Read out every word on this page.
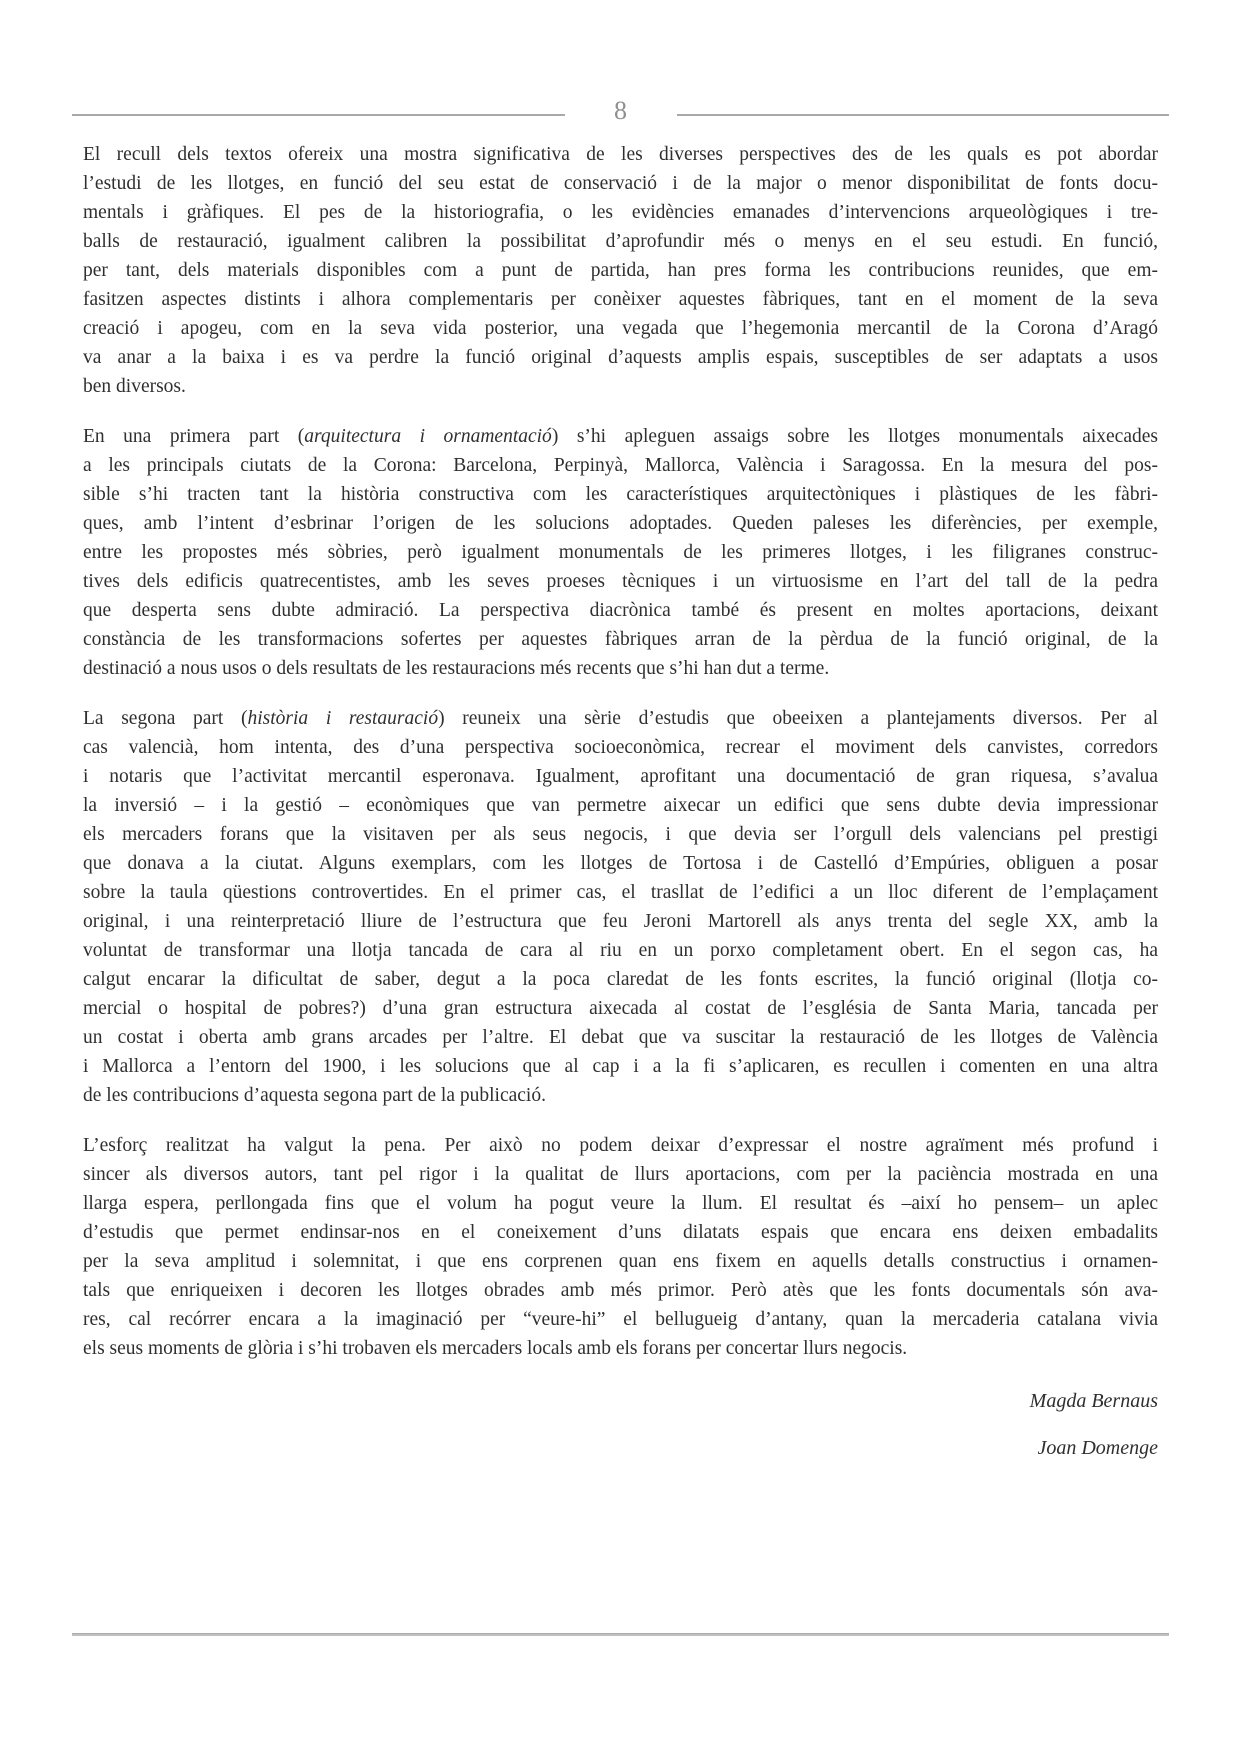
8
El recull dels textos ofereix una mostra significativa de les diverses perspectives des de les quals es pot abordar
l’estudi de les llotges, en funció del seu estat de conservació i de la major o menor disponibilitat de fonts docu-
mentals i gràfiques. El pes de la historiografia, o les evidències emanades d’intervencions arqueològiques i tre-
balls de restauració, igualment calibren la possibilitat d’aprofundir més o menys en el seu estudi. En funció,
per tant, dels materials disponibles com a punt de partida, han pres forma les contribucions reunides, que em-
fasitzen aspectes distints i alhora complementaris per conèixer aquestes fàbriques, tant en el moment de la seva
creació i apogeu, com en la seva vida posterior, una vegada que l’hegemonia mercantil de la Corona d’Aragó
va anar a la baixa i es va perdre la funció original d’aquests amplis espais, susceptibles de ser adaptats a usos
ben diversos.
En una primera part (arquitectura i ornamentació) s’hi apleguen assaigs sobre les llotges monumentals aixecades
a les principals ciutats de la Corona: Barcelona, Perpinyà, Mallorca, València i Saragossa. En la mesura del pos-
sible s’hi tracten tant la història constructiva com les característiques arquitectòniques i plàstiques de les fàbri-
ques, amb l’intent d’esbrinar l’origen de les solucions adoptades. Queden paleses les diferències, per exemple,
entre les propostes més sòbries, però igualment monumentals de les primeres llotges, i les filigranes construc-
tives dels edificis quatrecentistes, amb les seves proeses tècniques i un virtuosisme en l’art del tall de la pedra
que desperta sens dubte admiració. La perspectiva diacrònica també és present en moltes aportacions, deixant
constància de les transformacions sofertes per aquestes fàbriques arran de la pèrdua de la funció original, de la
destinació a nous usos o dels resultats de les restauracions més recents que s’hi han dut a terme.
La segona part (història i restauració) reuneix una sèrie d’estudis que obeeixen a plantejaments diversos. Per al
cas valencià, hom intenta, des d’una perspectiva socioeconòmica, recrear el moviment dels canvistes, corredors
i notaris que l’activitat mercantil esperonava. Igualment, aprofitant una documentació de gran riquesa, s’avalua
la inversió – i la gestió – econòmiques que van permetre aixecar un edifici que sens dubte devia impressionar
els mercaders forans que la visitaven per als seus negocis, i que devia ser l’orgull dels valencians pel prestigi
que donava a la ciutat. Alguns exemplars, com les llotges de Tortosa i de Castelló d’Empúries, obliguen a posar
sobre la taula qüestions controvertides. En el primer cas, el trasllat de l’edifici a un lloc diferent de l’emplaçament
original, i una reinterpretació lliure de l’estructura que feu Jeroni Martorell als anys trenta del segle XX, amb la
voluntat de transformar una llotja tancada de cara al riu en un porxo completament obert. En el segon cas, ha
calgut encarar la dificultat de saber, degut a la poca claredat de les fonts escrites, la funció original (llotja co-
mercial o hospital de pobres?) d’una gran estructura aixecada al costat de l’església de Santa Maria, tancada per
un costat i oberta amb grans arcades per l’altre. El debat que va suscitar la restauració de les llotges de València
i Mallorca a l’entorn del 1900, i les solucions que al cap i a la fi s’aplicaren, es recullen i comenten en una altra
de les contribucions d’aquesta segona part de la publicació.
L’esforç realitzat ha valgut la pena. Per això no podem deixar d’expressar el nostre agraïment més profund i
sincer als diversos autors, tant pel rigor i la qualitat de llurs aportacions, com per la paciència mostrada en una
llarga espera, perllongada fins que el volum ha pogut veure la llum. El resultat és –així ho pensem– un aplec
d’estudis que permet endinsar-nos en el coneixement d’uns dilatats espais que encara ens deixen embadalits
per la seva amplitud i solemnitat, i que ens corprenen quan ens fixem en aquells detalls constructius i ornamen-
tals que enriqueixen i decoren les llotges obrades amb més primor. Però atès que les fonts documentals són ava-
res, cal recórrer encara a la imaginació per “veure-hi” el bellugueig d’antany, quan la mercaderia catalana vivia
els seus moments de glòria i s’hi trobaven els mercaders locals amb els forans per concertar llurs negocis.
Magda Bernaus
Joan Domenge
